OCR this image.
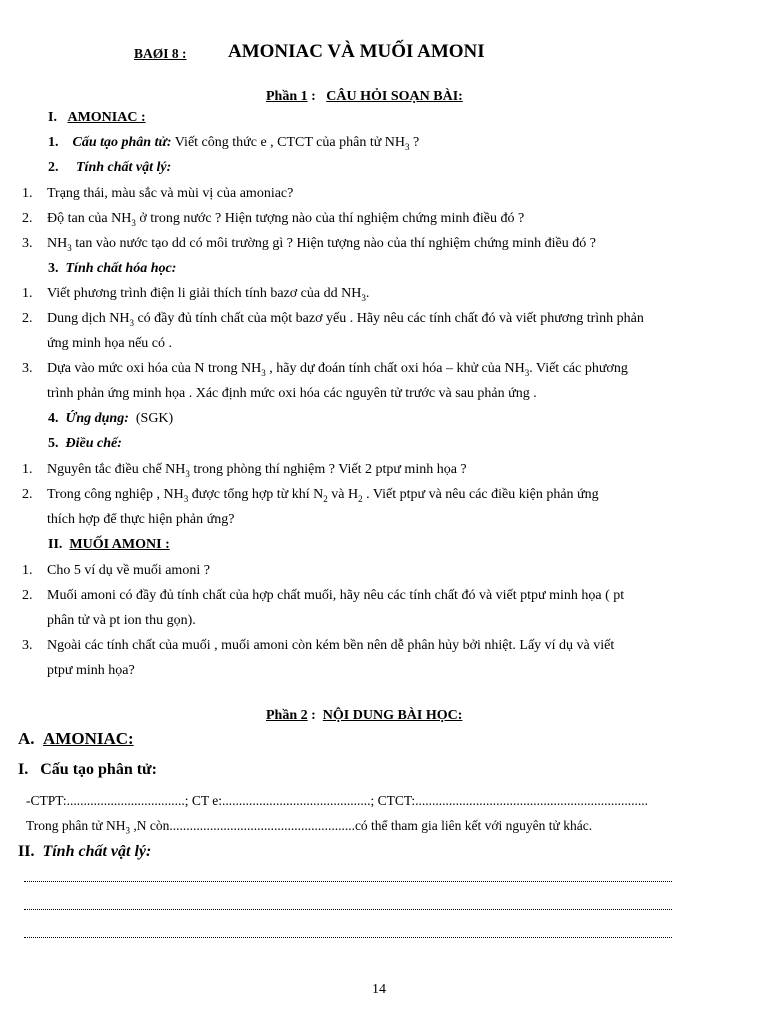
BAØI 8 : AMONIAC VÀ MUỐI AMONI
Phần 1 :   CÂU HỎI SOẠN BÀI:
I. AMONIAC :
1. Cấu tạo phân tử: Viết công thức e , CTCT của phân tử $NH_3$ ?
2. Tính chất vật lý:
1. Trạng thái, màu sắc và mùi vị của amoniac?
2. Độ tan của $NH_3$ ở trong nước ? Hiện tượng nào của thí nghiệm chứng minh điều đó ?
3. $NH_3$ tan vào nước tạo dd có môi trường gì ? Hiện tượng nào của thí nghiệm chứng minh điều đó ?
3. Tính chất hóa học:
1. Viết phương trình điện li giải thích tính bazơ của dd $NH_3$.
2. Dung dịch $NH_3$ có đầy đủ tính chất của một bazơ yếu . Hãy nêu các tính chất đó và viết phương trình phản
ứng minh họa nếu có .
3. Dựa vào mức oxi hóa của N trong $NH_3$ , hãy dự đoán tính chất oxi hóa – khử của $NH_3$. Viết các phương
trình phản ứng minh họa . Xác định mức oxi hóa các nguyên tử trước và sau phản ứng .
4. Ứng dụng:  (SGK)
5. Điều chế:
1. Nguyên tắc điều chế $NH_3$ trong phòng thí nghiệm ? Viết 2 ptpư minh họa ?
2. Trong công nghiệp , $NH_3$ được tổng hợp từ khí $N_2$ và $H_2$ . Viết ptpư và nêu các điều kiện phản ứng
thích hợp để thực hiện phản ứng?
II. MUỐI AMONI :
1. Cho 5 ví dụ về muối amoni ?
2. Muối amoni có đầy đủ tính chất của hợp chất muối, hãy nêu các tính chất đó và viết ptpư minh họa ( pt
phân tử và pt ion thu gọn).
3. Ngoài các tính chất của muối , muối amoni còn kém bền nên dễ phân hủy bởi nhiệt. Lấy ví dụ và viết
ptpư minh họa?
Phần 2 :  NỘI DUNG BÀI HỌC:
A. AMONIAC:
I. Cấu tạo phân tử:
-CTPT:...................................; CT e:............................................; CTCT:.....................................................................
Trong phân tử $NH_3$ ,N còn.......................................................có thể tham gia liên kết với nguyên tử khác.
II. Tính chất vật lý:
14
